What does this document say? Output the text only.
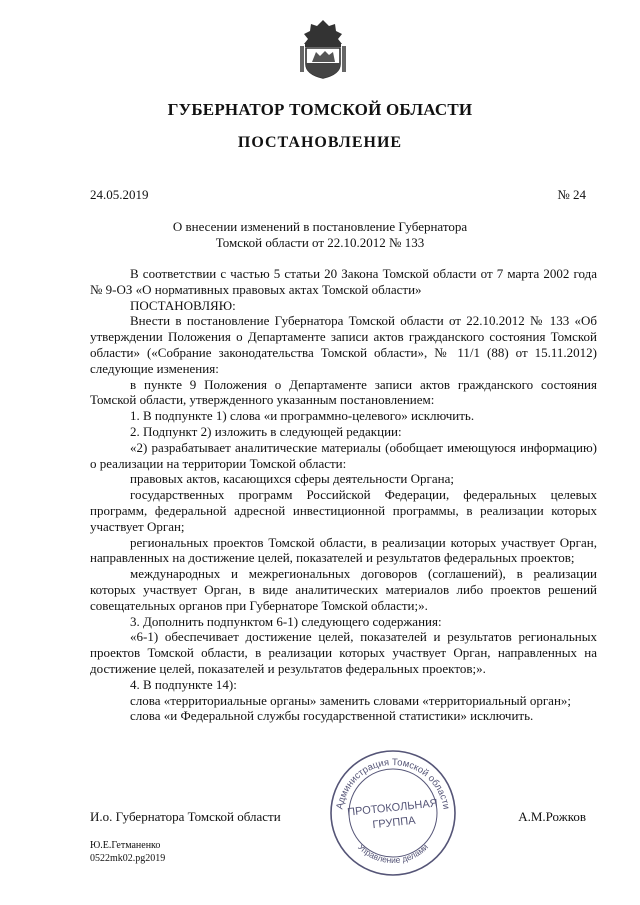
ГУБЕРНАТОР ТОМСКОЙ ОБЛАСТИ
ПОСТАНОВЛЕНИЕ
24.05.2019	№ 24
О внесении изменений в постановление Губернатора
Томской области от 22.10.2012 № 133

В соответствии с частью 5 статьи 20 Закона Томской области от 7 марта 2002 года № 9-ОЗ «О нормативных правовых актах Томской области»

ПОСТАНОВЛЯЮ:

Внести в постановление Губернатора Томской области от 22.10.2012 № 133 «Об утверждении Положения о Департаменте записи актов гражданского состояния Томской области» («Собрание законодательства Томской области», № 11/1 (88) от 15.11.2012) следующие изменения:

в пункте 9 Положения о Департаменте записи актов гражданского состояния Томской области, утвержденного указанным постановлением:

1. В подпункте 1) слова «и программно-целевого» исключить.

2. Подпункт 2) изложить в следующей редакции:

«2) разрабатывает аналитические материалы (обобщает имеющуюся информацию) о реализации на территории Томской области:

правовых актов, касающихся сферы деятельности Органа;

государственных программ Российской Федерации, федеральных целевых программ, федеральной адресной инвестиционной программы, в реализации которых участвует Орган;

региональных проектов Томской области, в реализации которых участвует Орган, направленных на достижение целей, показателей и результатов федеральных проектов;

международных и межрегиональных договоров (соглашений), в реализации которых участвует Орган, в виде аналитических материалов либо проектов решений совещательных органов при Губернаторе Томской области;».

3. Дополнить подпунктом 6-1) следующего содержания:

«6-1) обеспечивает достижение целей, показателей и результатов региональных проектов Томской области, в реализации которых участвует Орган, направленных на достижение целей, показателей и результатов федеральных проектов;».

4. В подпункте 14):

слова «территориальные органы» заменить словами «территориальный орган»;

слова «и Федеральной службы государственной статистики» исключить.

Администрация Томской области
Управление делами
ПРОТОКОЛЬНАЯ
ГРУППА
И.о. Губернатора Томской области	А.М.Рожков
Ю.Е.Гетманенко
0522mk02.pg2019
